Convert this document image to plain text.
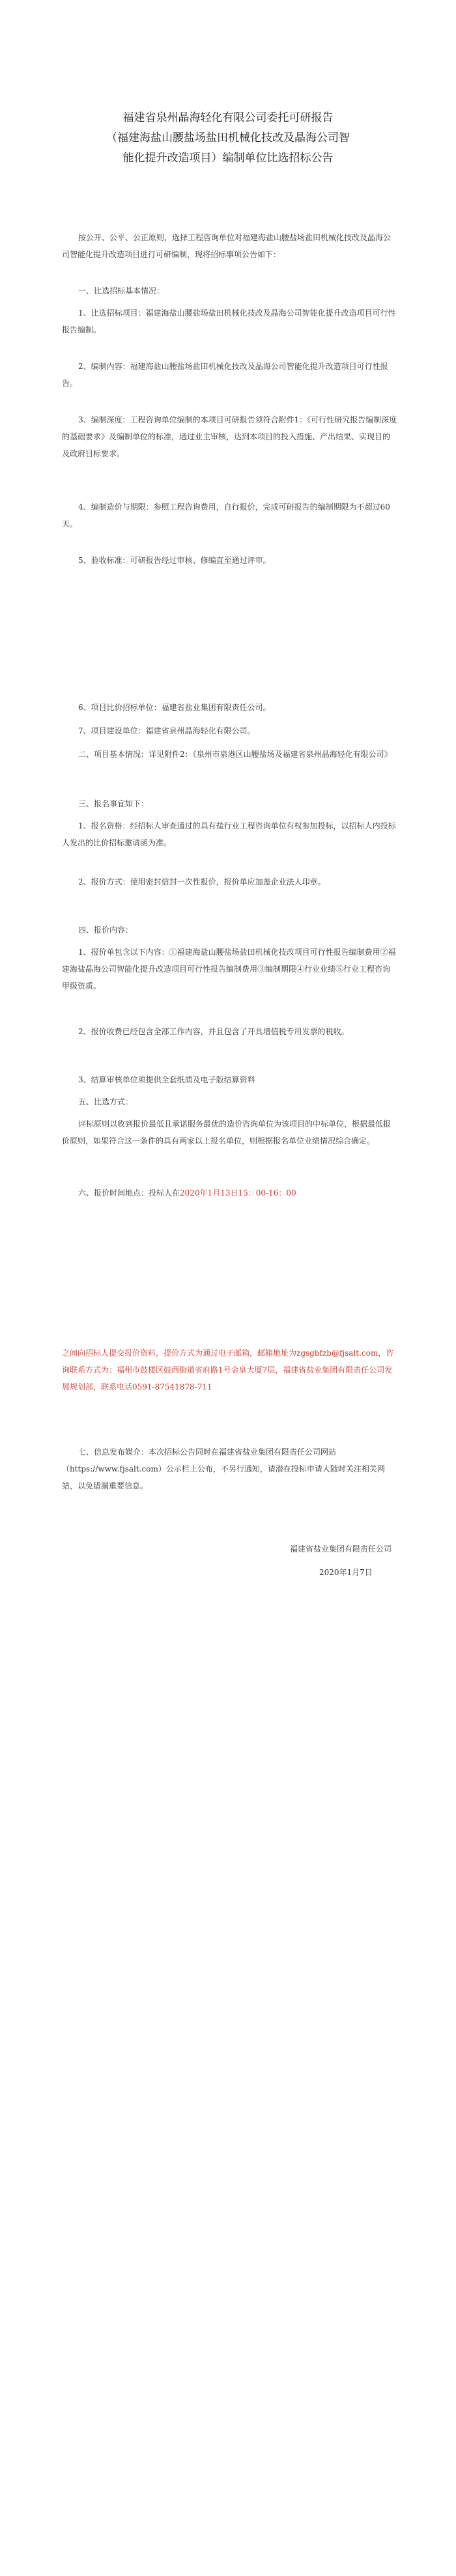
福建省泉州晶海轻化有限公司委托可研报告
（福建海盐山腰盐场盐田机械化技改及晶海公司智
能化提升改造项目）编制单位比选招标公告

按公开、公平、公正原则，选择工程咨询单位对福建海盐山腰盐场盐田机械化技改及晶海公司智能化提升改造项目进行可研编制，现将招标事项公告如下：

一、比选招标基本情况：

1、比选招标项目：福建海盐山腰盐场盐田机械化技改及晶海公司智能化提升改造项目可行性报告编制。

2、编制内容：福建海盐山腰盐场盐田机械化技改及晶海公司智能化提升改造项目可行性报告。

3、编制深度：工程咨询单位编制的本项目可研报告须符合附件1：《可行性研究报告编制深度的基础要求》及编制单位的标准，通过业主审核，达到本项目的投入措施、产出结果、实现目的及政府目标要求。

4、编制造价与期限：参照工程咨询费用，自行报价，完成可研报告的编制期限为不超过60天。

5、验收标准：可研报告经过审核、修编直至通过评审。

6、项目比价招标单位：福建省盐业集团有限责任公司。

7、项目建设单位：福建省泉州晶海轻化有限公司。

二、项目基本情况：详见附件2：《泉州市泉港区山腰盐场及福建省泉州晶海轻化有限公司》

三、报名事宜如下：

1、报名资格：经招标人审查通过的具有盐行业工程咨询单位有权参加投标，以招标人内投标人发出的比价招标邀请函为准。

2、报价方式：使用密封信封一次性报价，报价单应加盖企业法人印章。

四、报价内容：

1、报价单包含以下内容：①福建海盐山腰盐场盐田机械化技改项目可行性报告编制费用②福建海盐晶海公司智能化提升改造项目可行性报告编制费用③编制期限④行业业绩⑤行业工程咨询甲级资质。

2、报价收费已经包含全部工作内容，并且包含了开具增值税专用发票的税收。

3、结算审核单位须提供全套纸质及电子版结算资料

五、比选方式：

评标原则以收到报价最低且承诺服务最优的造价咨询单位为该项目的中标单位，根据最低报价原则，如果符合这一条件的具有两家以上报名单位，则根据报名单位业绩情况综合确定。

六、报价时间地点：投标人在2020年1月13日15：00-16：00

之间向招标人提交报价资料，提价方式为通过电子邮箱，邮箱地址为zgsgbfzb@fjsalt.com，咨询联系方式为：福州市鼓楼区鼓西街道省府路1号金皇大厦7层，福建省盐业集团有限责任公司发展规划部，联系电话0591-87541878-711

七、信息发布媒介：本次招标公告同时在福建省盐业集团有限责任公司网站（https://www.fjsalt.com）公示栏上公布，不另行通知，请潜在投标申请人随时关注相关网站，以免错漏重要信息。

福建省盐业集团有限责任公司
2020年1月7日
